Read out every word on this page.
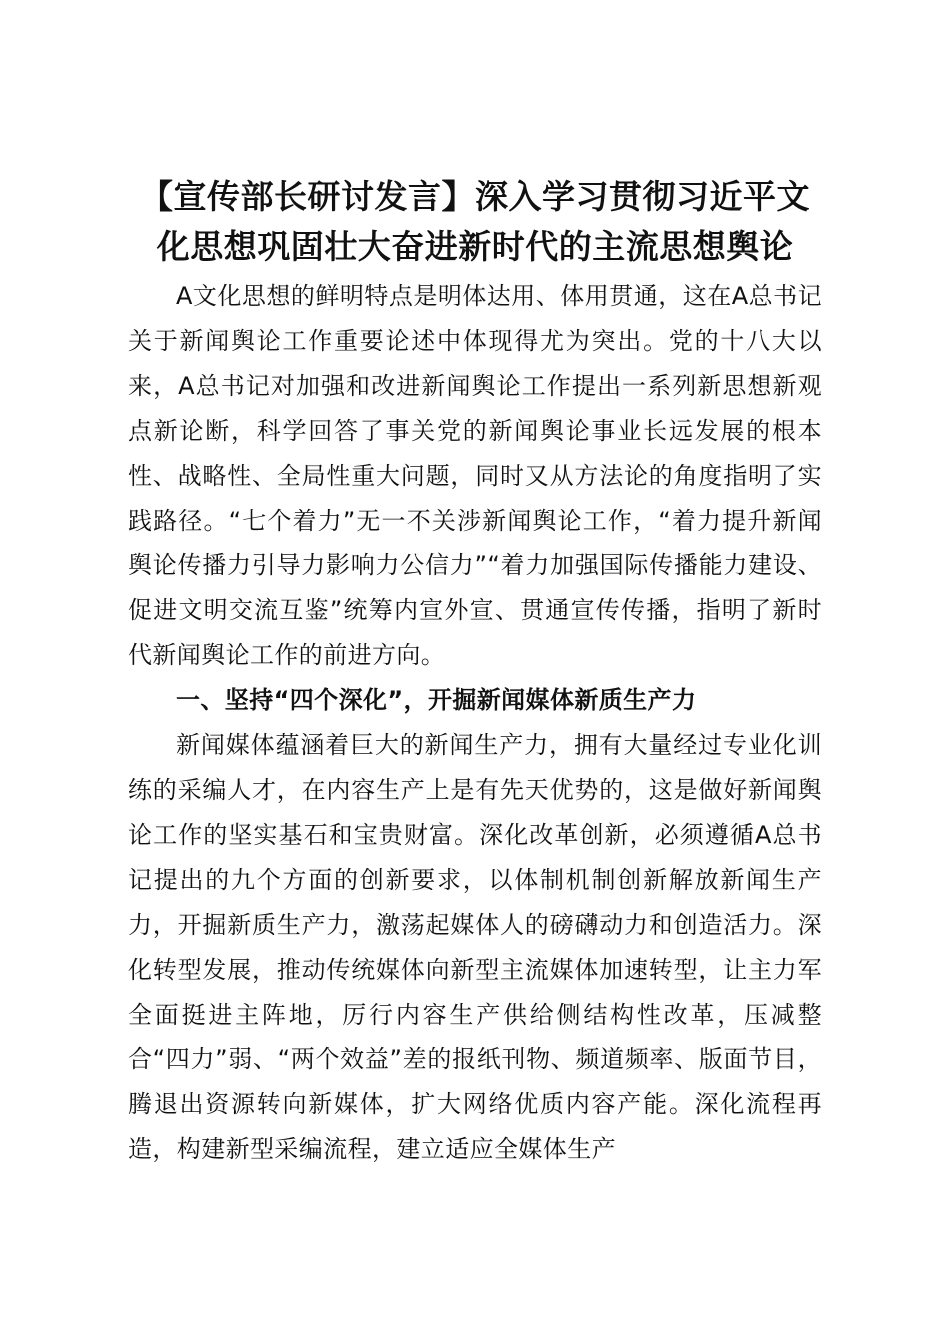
【宣传部长研讨发言】深入学习贯彻习近平文
化思想巩固壮大奋进新时代的主流思想舆论

A文化思想的鲜明特点是明体达用、体用贯通，这在A总书记关于新闻舆论工作重要论述中体现得尤为突出。党的十八大以来，A总书记对加强和改进新闻舆论工作提出一系列新思想新观点新论断，科学回答了事关党的新闻舆论事业长远发展的根本性、战略性、全局性重大问题，同时又从方法论的角度指明了实践路径。“七个着力”无一不关涉新闻舆论工作，“着力提升新闻舆论传播力引导力影响力公信力”“着力加强国际传播能力建设、促进文明交流互鉴”统筹内宣外宣、贯通宣传传播，指明了新时代新闻舆论工作的前进方向。

一、坚持“四个深化”，开掘新闻媒体新质生产力

新闻媒体蕴涵着巨大的新闻生产力，拥有大量经过专业化训练的采编人才，在内容生产上是有先天优势的，这是做好新闻舆论工作的坚实基石和宝贵财富。深化改革创新，必须遵循A总书记提出的九个方面的创新要求，以体制机制创新解放新闻生产力，开掘新质生产力，激荡起媒体人的磅礴动力和创造活力。深化转型发展，推动传统媒体向新型主流媒体加速转型，让主力军全面挺进主阵地，厉行内容生产供给侧结构性改革，压减整合“四力”弱、“两个效益”差的报纸刊物、频道频率、版面节目，腾退出资源转向新媒体，扩大网络优质内容产能。深化流程再造，构建新型采编流程，建立适应全媒体生产
